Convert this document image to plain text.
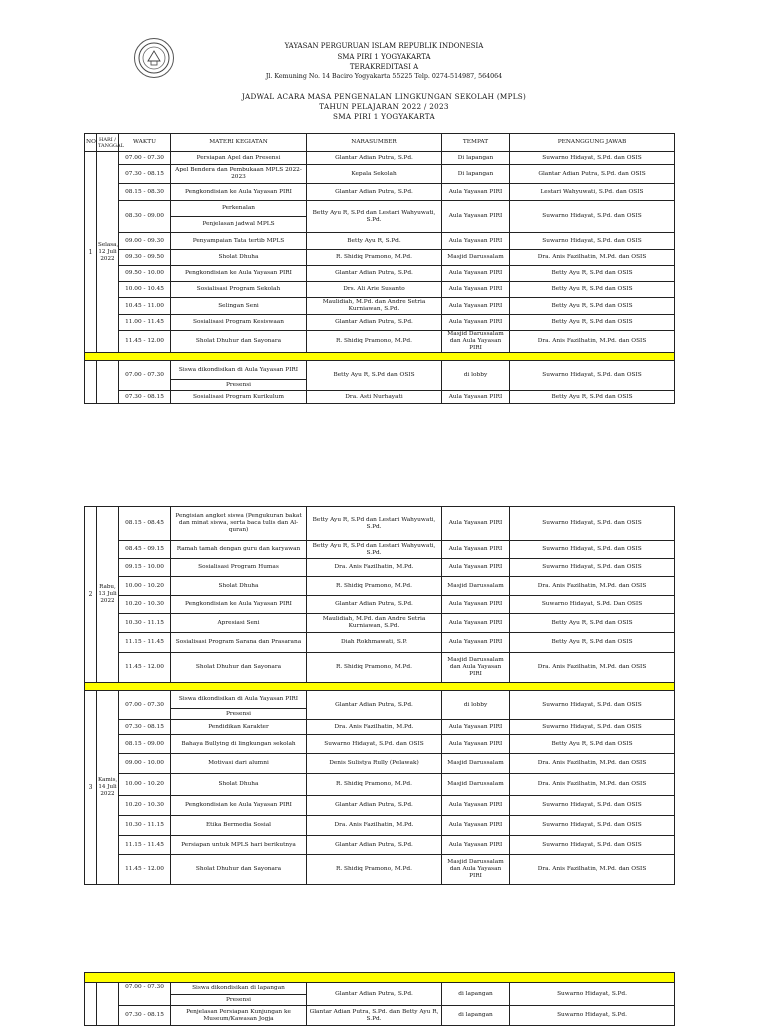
YAYASAN PERGURUAN ISLAM REPUBLIK INDONESIA
SMA PIRI 1 YOGYAKARTA
TERAKREDITASI A
Jl. Kemuning No. 14 Baciro Yogyakarta 55225 Telp. 0274-514987, 564064
JADWAL ACARA MASA PENGENALAN LINGKUNGAN SEKOLAH (MPLS)
TAHUN PELAJARAN 2022 / 2023
SMA PIRI 1 YOGYAKARTA
NO	HARI / TANGGAL	WAKTU	MATERI KEGIATAN	NARASUMBER	TEMPAT	PENANGGUNG JAWAB
1	Selasa, 12 Juli 2022	07.00 - 07.30	Persiapan Apel dan Presensi	Glantar Adian Putra, S.Pd.	Di lapangan	Suwarno Hidayat, S.Pd. dan OSIS
		07.30 - 08.15	Apel Bendera dan Pembukaan MPLS 2022-2023	Kepala Sekolah	Di lapangan	Glantar Adian Putra, S.Pd. dan OSIS
		08.15 - 08.30	Pengkondisian ke Aula Yayasan PIRI	Glantar Adian Putra, S.Pd.	Aula Yayasan PIRI	Lestari Wahyuwati, S.Pd. dan OSIS
		08.30 - 09.00	Perkenalan
Penjelasan jadwal MPLS	Betty Ayu R, S.Pd dan Lestari Wahyuwati, S.Pd.	Aula Yayasan PIRI	Suwarno Hidayat, S.Pd. dan OSIS
		09.00 - 09.30	Penyampaian Tata tertib MPLS	Betty Ayu R, S.Pd.	Aula Yayasan PIRI	Suwarno Hidayat, S.Pd. dan OSIS
		09.30 - 09.50	Sholat Dhuha	R. Shidiq Pramono, M.Pd.	Masjid Darussalam	Dra. Anis Fazilhatin, M.Pd. dan OSIS
		09.50 - 10.00	Pengkondisian ke Aula Yayasan PIRI	Glantar Adian Putra, S.Pd.	Aula Yayasan PIRI	Betty Ayu R, S.Pd dan OSIS
		10.00 - 10.45	Sosialisasi Program Sekolah	Drs. Ali Arie Susanto	Aula Yayasan PIRI	Betty Ayu R, S.Pd dan OSIS
		10.45 - 11.00	Selingan Seni	Maulidiah, M.Pd. dan Andre Setria Kurniawan, S.Pd.	Aula Yayasan PIRI	Betty Ayu R, S.Pd dan OSIS
		11.00 - 11.45	Sosialisasi Program Kesiswaan	Glantar Adian Putra, S.Pd.	Aula Yayasan PIRI	Betty Ayu R, S.Pd dan OSIS
		11.45 - 12.00	Sholat Dhuhur dan Sayonara	R. Shidiq Pramono, M.Pd.	Masjid Darussalam dan Aula Yayasan PIRI	Dra. Anis Fazilhatin, M.Pd. dan OSIS

		07.00 - 07.30	Siswa dikondisikan di Aula Yayasan PIRI
Presensi	Betty Ayu R, S.Pd dan OSIS	di lobby	Suwarno Hidayat, S.Pd. dan OSIS
		07.30 - 08.15	Sosialisasi Program Kurikulum	Dra. Asti Nurhayati	Aula Yayasan PIRI	Betty Ayu R, S.Pd dan OSIS
2	Rabu, 13 Juli 2022	08.15 - 08.45	Pengisian angket siswa (Pengukuran bakat dan minat siswa, serta baca tulis dan Al-quran)	Betty Ayu R, S.Pd dan Lestari Wahyuwati, S.Pd.	Aula Yayasan PIRI	Suwarno Hidayat, S.Pd. dan OSIS
		08.45 - 09.15	Ramah tamah dengan guru dan karyawan	Betty Ayu R, S.Pd dan Lestari Wahyuwati, S.Pd.	Aula Yayasan PIRI	Suwarno Hidayat, S.Pd. dan OSIS
		09.15 - 10.00	Sosialisasi Program Humas	Dra. Anis Fazilhatin, M.Pd.	Aula Yayasan PIRI	Suwarno Hidayat, S.Pd. dan OSIS
		10.00 - 10.20	Sholat Dhuha	R. Shidiq Pramono, M.Pd.	Masjid Darussalam	Dra. Anis Fazilhatin, M.Pd. dan OSIS
		10.20 - 10.30	Pengkondisian ke Aula Yayasan PIRI	Glantar Adian Putra, S.Pd.	Aula Yayasan PIRI	Suwarno Hidayat, S.Pd. Dan OSIS
		10.30 - 11.15	Apresiasi Seni	Maulidiah, M.Pd. dan Andre Setria Kurniawan, S.Pd.	Aula Yayasan PIRI	Betty Ayu R, S.Pd dan OSIS
		11.15 - 11.45	Sosialisasi Program Sarana dan Prasarana	Diah Rokhmawati, S.P.	Aula Yayasan PIRI	Betty Ayu R, S.Pd dan OSIS
		11.45 - 12.00	Sholat Dhuhur dan Sayonara	R. Shidiq Pramono, M.Pd.	Masjid Darussalam dan Aula Yayasan PIRI	Dra. Anis Fazilhatin, M.Pd. dan OSIS

3	Kamis, 14 Juli 2022	07.00 - 07.30	Siswa dikondisikan di Aula Yayasan PIRI
Presensi	Glantar Adian Putra, S.Pd.	di lobby	Suwarno Hidayat, S.Pd. dan OSIS
		07.30 - 08.15	Pendidikan Karakter	Dra. Anis Fazilhatin, M.Pd.	Aula Yayasan PIRI	Suwarno Hidayat, S.Pd. dan OSIS
		08.15 - 09.00	Bahaya Bullying di lingkungan sekolah	Suwarno Hidayat, S.Pd. dan OSIS	Aula Yayasan PIRI	Betty Ayu R, S.Pd dan OSIS
		09.00 - 10.00	Motivasi dari alumni	Denis Sulistya Rully (Pelawak)	Masjid Darussalam	Dra. Anis Fazilhatin, M.Pd. dan OSIS
		10.00 - 10.20	Sholat Dhuha	R. Shidiq Pramono, M.Pd.	Masjid Darussalam	Dra. Anis Fazilhatin, M.Pd. dan OSIS
		10.20 - 10.30	Pengkondisian ke Aula Yayasan PIRI	Glantar Adian Putra, S.Pd.	Aula Yayasan PIRI	Suwarno Hidayat, S.Pd. dan OSIS
		10.30 - 11.15	Etika Bermedia Sosial	Dra. Anis Fazilhatin, M.Pd.	Aula Yayasan PIRI	Suwarno Hidayat, S.Pd. dan OSIS
		11.15 - 11.45	Persiapan untuk MPLS hari berikutnya	Glantar Adian Putra, S.Pd.	Aula Yayasan PIRI	Suwarno Hidayat, S.Pd. dan OSIS
		11.45 - 12.00	Sholat Dhuhur dan Sayonara	R. Shidiq Pramono, M.Pd.	Masjid Darussalam dan Aula Yayasan PIRI	Dra. Anis Fazilhatin, M.Pd. dan OSIS

		07.00 - 07.30	Siswa dikondisikan di lapangan
Presensi	Glantar Adian Putra, S.Pd.	di lapangan	Suwarno Hidayat, S.Pd.
		07.30 - 08.15	Penjelasan Persiapan Kunjungan ke Museum/Kawasan Jogja	Glantar Adian Putra, S.Pd. dan Betty Ayu R, S.Pd.	di lapangan	Suwarno Hidayat, S.Pd.
